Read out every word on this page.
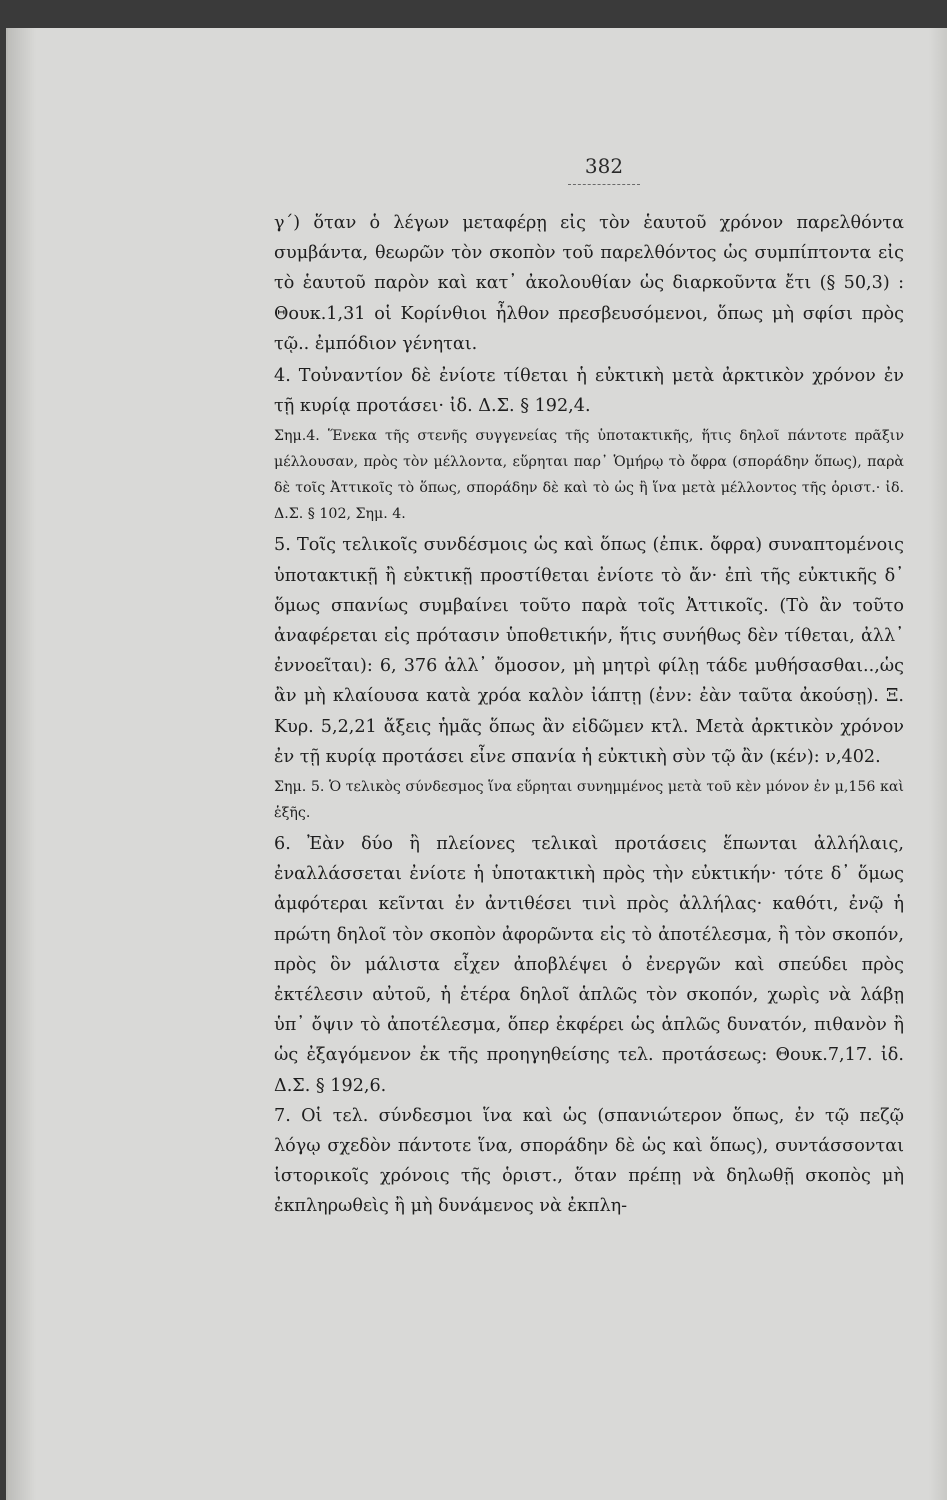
382

γ΄) ὅταν ὁ λέγων μεταφέρῃ εἰς τὸν ἑαυτοῦ χρόνον παρελθόντα συμβάντα, θεωρῶν τὸν σκοπὸν τοῦ παρελθόντος ὡς συμπίπτοντα εἰς τὸ ἑαυτοῦ παρὸν καὶ κατ᾽ ἀκολουθίαν ὡς διαρκοῦντα ἔτι (§ 50,3) : Θουκ.1,31 οἱ Κορίνθιοι ἦλθον πρεσβευσόμενοι, ὅπως μὴ σφίσι πρὸς τῷ.. ἐμπόδιον γένηται.

4. Τοὐναντίον δὲ ἐνίοτε τίθεται ἡ εὐκτικὴ μετὰ ἀρκτικὸν χρόνον ἐν τῇ κυρίᾳ προτάσει· ἰδ. Δ.Σ. § 192,4.

Σημ.4. Ἕνεκα τῆς στενῆς συγγενείας τῆς ὑποτακτικῆς, ἥτις δηλοῖ πάντοτε πρᾶξιν μέλλουσαν, πρὸς τὸν μέλλοντα, εὕρηται παρ᾽ Ὁμήρῳ τὸ ὄφρα (σποράδην ὅπως), παρὰ δὲ τοῖς Ἀττικοῖς τὸ ὅπως, σποράδην δὲ καὶ τὸ ὡς ἢ ἵνα μετὰ μέλλοντος τῆς ὁριστ.· ἰδ. Δ.Σ. § 102, Σημ. 4.

5. Τοῖς τελικοῖς συνδέσμοις ὡς καὶ ὅπως (ἐπικ. ὄφρα) συναπτομένοις ὑποτακτικῇ ἢ εὐκτικῇ προστίθεται ἐνίοτε τὸ ἄν· ἐπὶ τῆς εὐκτικῆς δ᾽ ὅμως σπανίως συμβαίνει τοῦτο παρὰ τοῖς Ἀττικοῖς. (Τὸ ἂν τοῦτο ἀναφέρεται εἰς πρότασιν ὑποθετικήν, ἥτις συνήθως δὲν τίθεται, ἀλλ᾽ ἐννοεῖται): 6, 376 ἀλλ᾽ ὄμοσον, μὴ μητρὶ φίλῃ τάδε μυθήσασθαι..,ὡς ἂν μὴ κλαίουσα κατὰ χρόα καλὸν ἰάπτῃ (ἐνν: ἐὰν ταῦτα ἀκούσῃ). Ξ. Κυρ. 5,2,21 ἄξεις ἡμᾶς ὅπως ἂν εἰδῶμεν κτλ. Μετὰ ἀρκτικὸν χρόνον ἐν τῇ κυρίᾳ προτάσει εἶνε σπανία ἡ εὐκτικὴ σὺν τῷ ἂν (κέν): ν,402.

Σημ. 5. Ὁ τελικὸς σύνδεσμος ἵνα εὕρηται συνημμένος μετὰ τοῦ κὲν μόνον ἐν μ,156 καὶ ἑξῆς.

6. Ἐὰν δύο ἢ πλείονες τελικαὶ προτάσεις ἕπωνται ἀλλήλαις, ἐναλλάσσεται ἐνίοτε ἡ ὑποτακτικὴ πρὸς τὴν εὐκτικήν· τότε δ᾽ ὅμως ἀμφότεραι κεῖνται ἐν ἀντιθέσει τινὶ πρὸς ἀλλήλας· καθότι, ἐνῷ ἡ πρώτη δηλοῖ τὸν σκοπὸν ἀφορῶντα εἰς τὸ ἀποτέλεσμα, ἢ τὸν σκοπόν, πρὸς ὃν μάλιστα εἶχεν ἀποβλέψει ὁ ἐνεργῶν καὶ σπεύδει πρὸς ἐκτέλεσιν αὐτοῦ, ἡ ἑτέρα δηλοῖ ἁπλῶς τὸν σκοπόν, χωρὶς νὰ λάβῃ ὑπ᾽ ὄψιν τὸ ἀποτέλεσμα, ὅπερ ἐκφέρει ὡς ἁπλῶς δυνατόν, πιθανὸν ἢ ὡς ἐξαγόμενον ἐκ τῆς προηγηθείσης τελ. προτάσεως: Θουκ.7,17. ἰδ. Δ.Σ. § 192,6.

7. Οἱ τελ. σύνδεσμοι ἵνα καὶ ὡς (σπανιώτερον ὅπως, ἐν τῷ πεζῷ λόγῳ σχεδὸν πάντοτε ἵνα, σποράδην δὲ ὡς καὶ ὅπως), συντάσσονται ἱστορικοῖς χρόνοις τῆς ὁριστ., ὅταν πρέπῃ νὰ δηλωθῇ σκοπὸς μὴ ἐκπληρωθεὶς ἢ μὴ δυνάμενος νὰ ἐκπλη-
